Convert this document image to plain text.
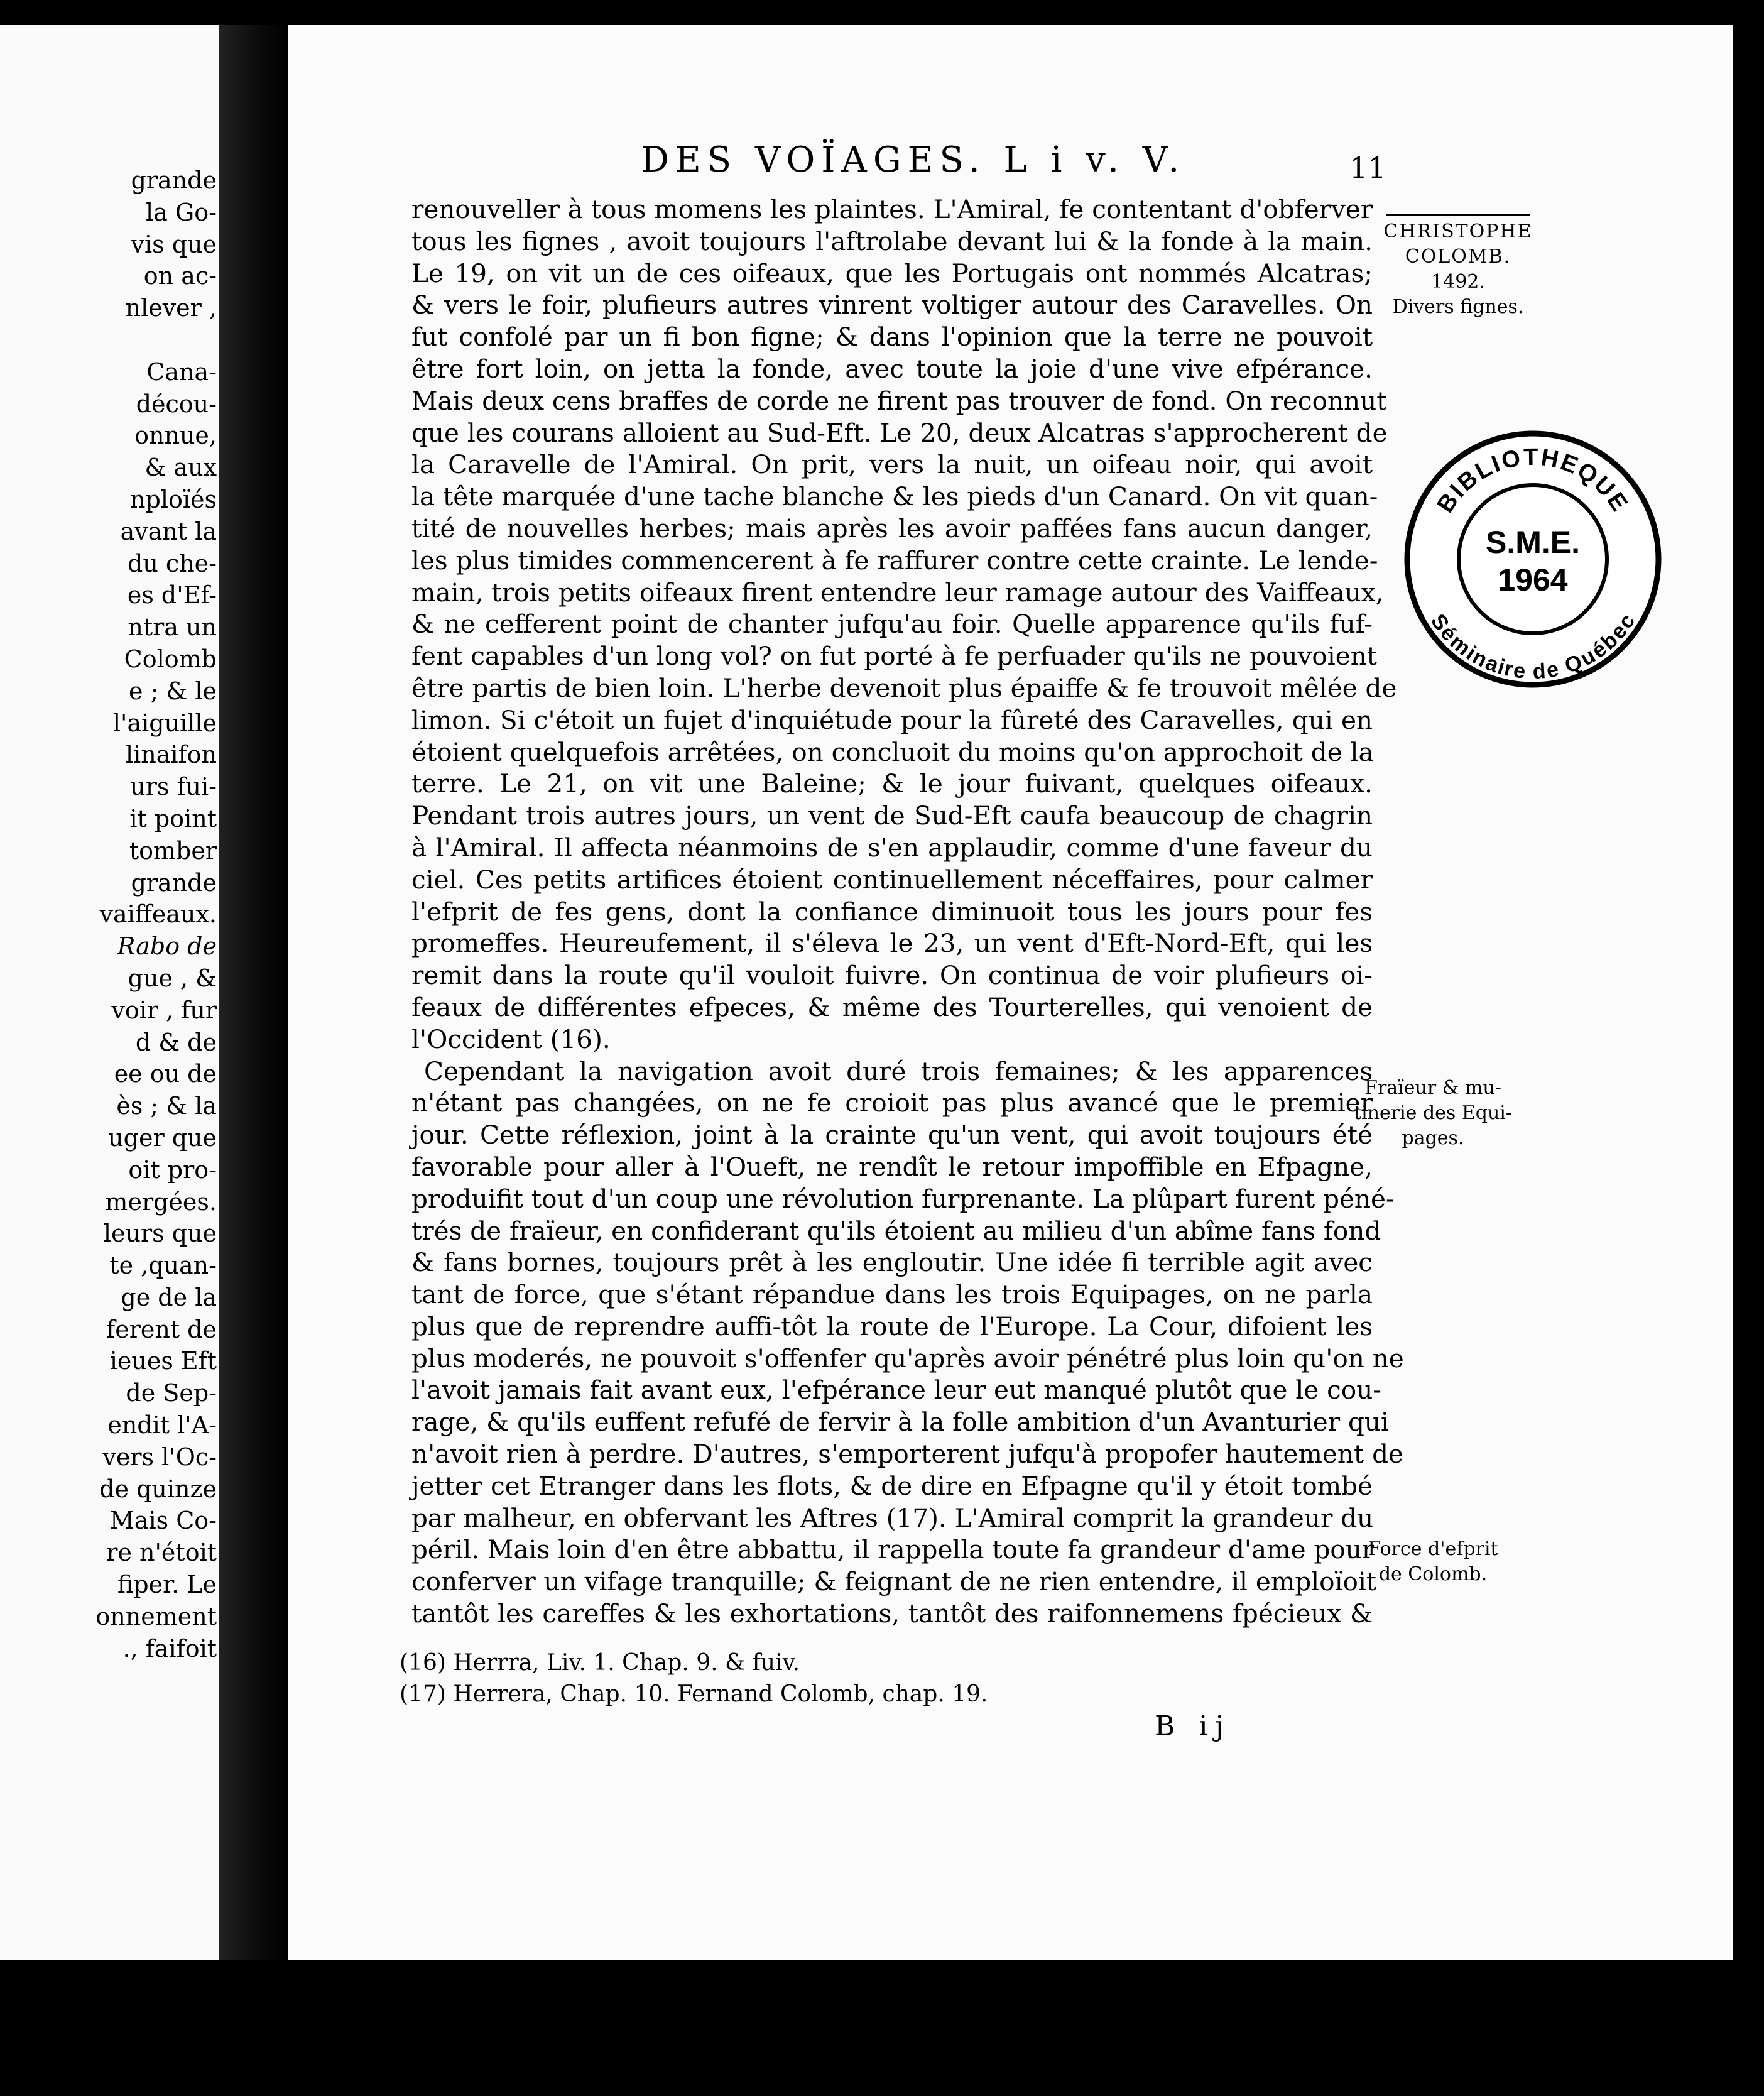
grande
la Go-
vis que
on ac-
nlever ,

Cana-
décou-
onnue,
& aux
nploïés
avant la
du che-
es d'Ef-
ntra un
Colomb
e ; & le
l'aiguille
linaifon
urs fui-
it point
tomber
grande
vaiffeaux.
Rabo de
gue , &
voir , fur
d & de
ee ou de
ès ; & la
uger que
oit pro-
mergées.
leurs que
te ,quan-
ge de la
ferent de
ieues Eft
de Sep-
endit l'A-
vers l'Oc-
de quinze
Mais Co-
re n'étoit
fiper. Le
onnement
., faifoit
DES VOÏAGES. L i v. V.	11
renouveller à tous momens les plaintes. L'Amiral, fe contentant d'obferver
tous les fignes , avoit toujours l'aftrolabe devant lui & la fonde à la main.
Le 19, on vit un de ces oifeaux, que les Portugais ont nommés Alcatras;
& vers le foir, plufieurs autres vinrent voltiger autour des Caravelles. On
fut confolé par un fi bon figne; & dans l'opinion que la terre ne pouvoit
être fort loin, on jetta la fonde, avec toute la joie d'une vive efpérance.
Mais deux cens braffes de corde ne firent pas trouver de fond. On reconnut
que les courans alloient au Sud-Eft. Le 20, deux Alcatras s'approcherent de
la Caravelle de l'Amiral. On prit, vers la nuit, un oifeau noir, qui avoit
la tête marquée d'une tache blanche & les pieds d'un Canard. On vit quan-
tité de nouvelles herbes; mais après les avoir paffées fans aucun danger,
les plus timides commencerent à fe raffurer contre cette crainte. Le lende-
main, trois petits oifeaux firent entendre leur ramage autour des Vaiffeaux,
& ne cefferent point de chanter jufqu'au foir. Quelle apparence qu'ils fuf-
fent capables d'un long vol? on fut porté à fe perfuader qu'ils ne pouvoient
être partis de bien loin. L'herbe devenoit plus épaiffe & fe trouvoit mêlée de
limon. Si c'étoit un fujet d'inquiétude pour la fûreté des Caravelles, qui en
étoient quelquefois arrêtées, on concluoit du moins qu'on approchoit de la
terre. Le 21, on vit une Baleine; & le jour fuivant, quelques oifeaux.
Pendant trois autres jours, un vent de Sud-Eft caufa beaucoup de chagrin
à l'Amiral. Il affecta néanmoins de s'en applaudir, comme d'une faveur du
ciel. Ces petits artifices étoient continuellement néceffaires, pour calmer
l'efprit de fes gens, dont la confiance diminuoit tous les jours pour fes
promeffes. Heureufement, il s'éleva le 23, un vent d'Eft-Nord-Eft, qui les
remit dans la route qu'il vouloit fuivre. On continua de voir plufieurs oi-
feaux de différentes efpeces, & même des Tourterelles, qui venoient de
l'Occident (16).
Cependant la navigation avoit duré trois femaines; & les apparences
n'étant pas changées, on ne fe croioit pas plus avancé que le premier
jour. Cette réflexion, joint à la crainte qu'un vent, qui avoit toujours été
favorable pour aller à l'Oueft, ne rendît le retour impoffible en Efpagne,
produifit tout d'un coup une révolution furprenante. La plûpart furent péné-
trés de fraïeur, en confiderant qu'ils étoient au milieu d'un abîme fans fond
& fans bornes, toujours prêt à les engloutir. Une idée fi terrible agit avec
tant de force, que s'étant répandue dans les trois Equipages, on ne parla
plus que de reprendre auffi-tôt la route de l'Europe. La Cour, difoient les
plus moderés, ne pouvoit s'offenfer qu'après avoir pénétré plus loin qu'on ne
l'avoit jamais fait avant eux, l'efpérance leur eut manqué plutôt que le cou-
rage, & qu'ils euffent refufé de fervir à la folle ambition d'un Avanturier qui
n'avoit rien à perdre. D'autres, s'emporterent jufqu'à propofer hautement de
jetter cet Etranger dans les flots, & de dire en Efpagne qu'il y étoit tombé
par malheur, en obfervant les Aftres (17). L'Amiral comprit la grandeur du
péril. Mais loin d'en être abbattu, il rappella toute fa grandeur d'ame pour
conferver un vifage tranquille; & feignant de ne rien entendre, il emploïoit
tantôt les careffes & les exhortations, tantôt des raifonnemens fpécieux &
(16) Herrra, Liv. 1. Chap. 9. & fuiv.
(17) Herrera, Chap. 10. Fernand Colomb, chap. 19.
B ij
CHRISTOPHE
COLOMB.
1492.
Divers fignes.
Fraïeur & mu-
tinerie des Equi-
pages.
Force d'efprit
de Colomb.
BIBLIOTHEQUE
Séminaire de Québec
S.M.E.
1964
